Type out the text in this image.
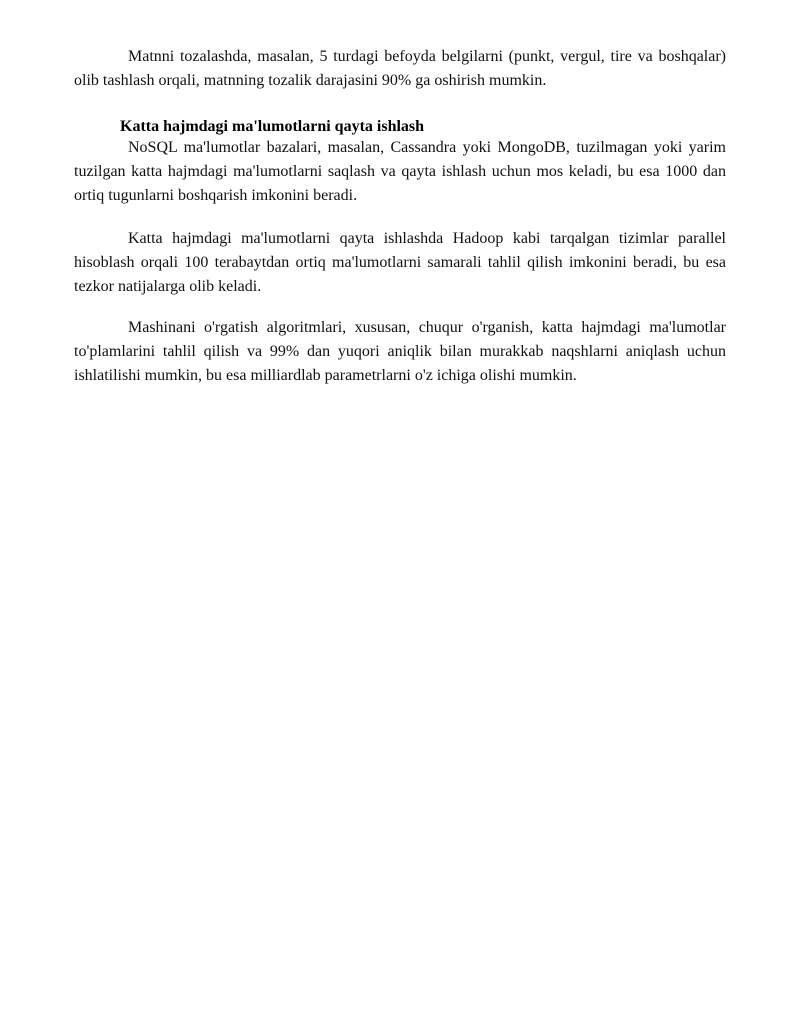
Matnni tozalashda, masalan, 5 turdagi befoyda belgilarni (punkt, vergul, tire va boshqalar) olib tashlash orqali, matnning tozalik darajasini 90% ga oshirish mumkin.

Katta hajmdagi ma'lumotlarni qayta ishlash

NoSQL ma'lumotlar bazalari, masalan, Cassandra yoki MongoDB, tuzilmagan yoki yarim tuzilgan katta hajmdagi ma'lumotlarni saqlash va qayta ishlash uchun mos keladi, bu esa 1000 dan ortiq tugunlarni boshqarish imkonini beradi.

Katta hajmdagi ma'lumotlarni qayta ishlashda Hadoop kabi tarqalgan tizimlar parallel hisoblash orqali 100 terabaytdan ortiq ma'lumotlarni samarali tahlil qilish imkonini beradi, bu esa tezkor natijalarga olib keladi.

Mashinani o'rgatish algoritmlari, xususan, chuqur o'rganish, katta hajmdagi ma'lumotlar to'plamlarini tahlil qilish va 99% dan yuqori aniqlik bilan murakkab naqshlarni aniqlash uchun ishlatilishi mumkin, bu esa milliardlab parametrlarni o'z ichiga olishi mumkin.
